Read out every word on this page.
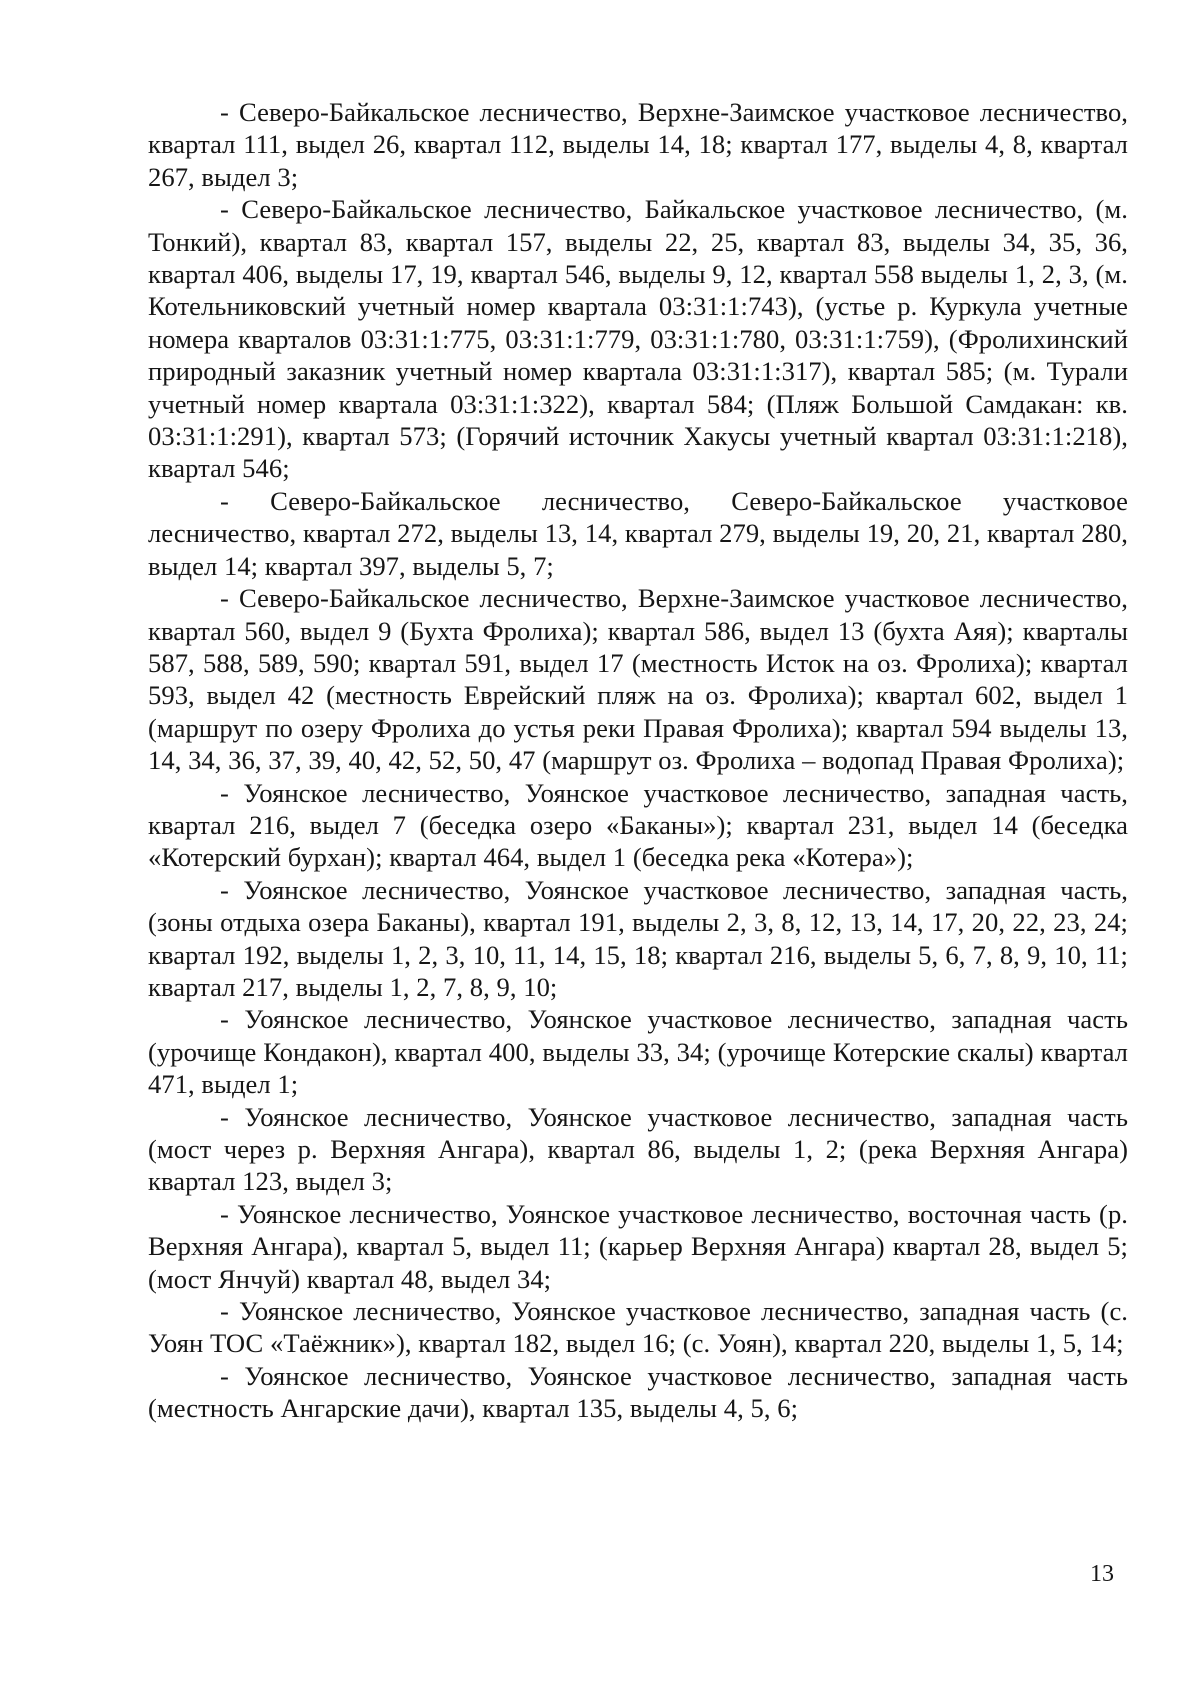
- Северо-Байкальское лесничество, Верхне-Заимское участковое лесничество, квартал 111, выдел 26, квартал 112, выделы 14, 18; квартал 177, выделы 4, 8, квартал 267, выдел 3;

- Северо-Байкальское лесничество, Байкальское участковое лесничество, (м. Тонкий), квартал 83, квартал 157, выделы 22, 25, квартал 83, выделы 34, 35, 36, квартал 406, выделы 17, 19, квартал 546, выделы 9, 12, квартал 558 выделы 1, 2, 3, (м. Котельниковский учетный номер квартала 03:31:1:743), (устье р. Куркула учетные номера кварталов 03:31:1:775, 03:31:1:779, 03:31:1:780, 03:31:1:759), (Фролихинский природный заказник учетный номер квартала 03:31:1:317), квартал 585; (м. Турали учетный номер квартала 03:31:1:322), квартал 584; (Пляж Большой Самдакан: кв. 03:31:1:291), квартал 573; (Горячий источник Хакусы учетный квартал 03:31:1:218), квартал 546;

- Северо-Байкальское лесничество, Северо-Байкальское участковое лесничество, квартал 272, выделы 13, 14, квартал 279, выделы 19, 20, 21, квартал 280, выдел 14; квартал 397, выделы 5, 7;

- Северо-Байкальское лесничество, Верхне-Заимское участковое лесничество, квартал 560, выдел 9 (Бухта Фролиха); квартал 586, выдел 13 (бухта Аяя); кварталы 587, 588, 589, 590; квартал 591, выдел 17 (местность Исток на оз. Фролиха); квартал 593, выдел 42 (местность Еврейский пляж на оз. Фролиха); квартал 602, выдел 1 (маршрут по озеру Фролиха до устья реки Правая Фролиха); квартал 594 выделы 13, 14, 34, 36, 37, 39, 40, 42, 52, 50, 47 (маршрут оз. Фролиха – водопад Правая Фролиха);

- Уоянское лесничество, Уоянское участковое лесничество, западная часть, квартал 216, выдел 7 (беседка озеро «Баканы»); квартал 231, выдел 14 (беседка «Котерский бурхан); квартал 464, выдел 1 (беседка река «Котера»);

- Уоянское лесничество, Уоянское участковое лесничество, западная часть, (зоны отдыха озера Баканы), квартал 191, выделы 2, 3, 8, 12, 13, 14, 17, 20, 22, 23, 24; квартал 192, выделы 1, 2, 3, 10, 11, 14, 15, 18; квартал 216, выделы 5, 6, 7, 8, 9, 10, 11; квартал 217, выделы 1, 2, 7, 8, 9, 10;

- Уоянское лесничество, Уоянское участковое лесничество, западная часть (урочище Кондакон), квартал 400, выделы 33, 34; (урочище Котерские скалы) квартал 471, выдел 1;

- Уоянское лесничество, Уоянское участковое лесничество, западная часть (мост через р. Верхняя Ангара), квартал 86, выделы 1, 2; (река Верхняя Ангара) квартал 123, выдел 3;

- Уоянское лесничество, Уоянское участковое лесничество, восточная часть (р. Верхняя Ангара), квартал 5, выдел 11; (карьер Верхняя Ангара) квартал 28, выдел 5; (мост Янчуй) квартал 48, выдел 34;

- Уоянское лесничество, Уоянское участковое лесничество, западная часть (с. Уоян ТОС «Таёжник»), квартал 182, выдел 16; (с. Уоян), квартал 220, выделы 1, 5, 14;

- Уоянское лесничество, Уоянское участковое лесничество, западная часть (местность Ангарские дачи), квартал 135, выделы 4, 5, 6;

13
